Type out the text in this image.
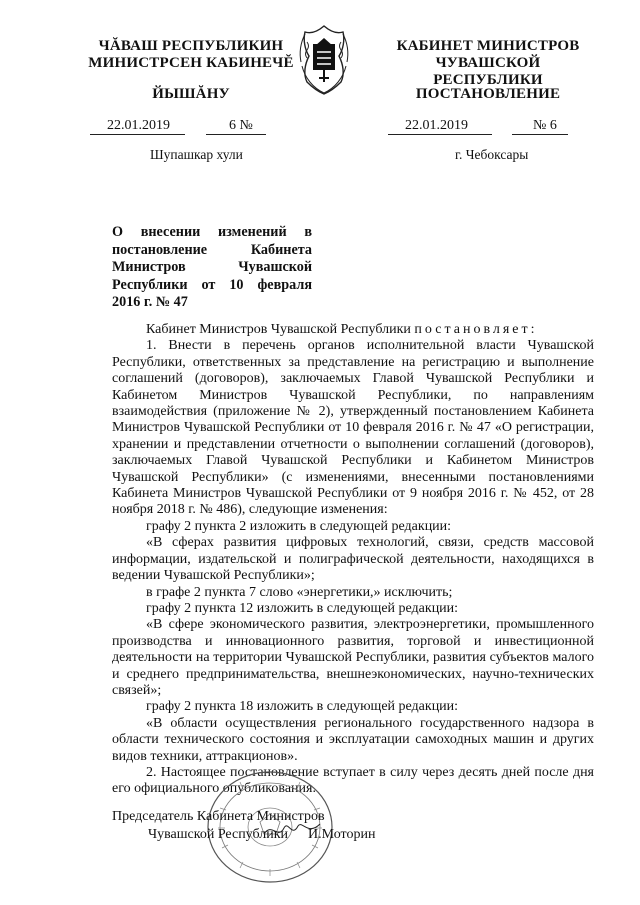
ЧĂВАШ РЕСПУБЛИКИН
МИНИСТРСЕН КАБИНЕЧĔ
ЙЫШĂНУ
КАБИНЕТ МИНИСТРОВ
ЧУВАШСКОЙ РЕСПУБЛИКИ
ПОСТАНОВЛЕНИЕ
22.01.2019	6 №	22.01.2019	№ 6
Шупашкар хули	г. Чебоксары
О внесении изменений в постановление Кабинета Министров Чувашской Республики от 10 февраля 2016 г. № 47

Кабинет Министров Чувашской Республики постановляет:

1. Внести в перечень органов исполнительной власти Чувашской Республики, ответственных за представление на регистрацию и выполнение соглашений (договоров), заключаемых Главой Чувашской Республики и Кабинетом Министров Чувашской Республики, по направлениям взаимодействия (приложение № 2), утвержденный постановлением Кабинета Министров Чувашской Республики от 10 февраля 2016 г. № 47 «О регистрации, хранении и представлении отчетности о выполнении соглашений (договоров), заключаемых Главой Чувашской Республики и Кабинетом Министров Чувашской Республики» (с изменениями, внесенными постановлениями Кабинета Министров Чувашской Республики от 9 ноября 2016 г. № 452, от 28 ноября 2018 г. № 486), следующие изменения:

графу 2 пункта 2 изложить в следующей редакции:

«В сферах развития цифровых технологий, связи, средств массовой информации, издательской и полиграфической деятельности, находящихся в ведении Чувашской Республики»;

в графе 2 пункта 7 слово «энергетики,» исключить;

графу 2 пункта 12 изложить в следующей редакции:

«В сфере экономического развития, электроэнергетики, промышленного производства и инновационного развития, торговой и инвестиционной деятельности на территории Чувашской Республики, развития субъектов малого и среднего предпринимательства, внешнеэкономических, научно-технических связей»;

графу 2 пункта 18 изложить в следующей редакции:

«В области осуществления регионального государственного надзора в области технического состояния и эксплуатации самоходных машин и других видов техники, аттракционов».

2. Настоящее постановление вступает в силу через десять дней после дня его официального опубликования.

Председатель Кабинета Министров
Чувашской Республики И.Моторин
